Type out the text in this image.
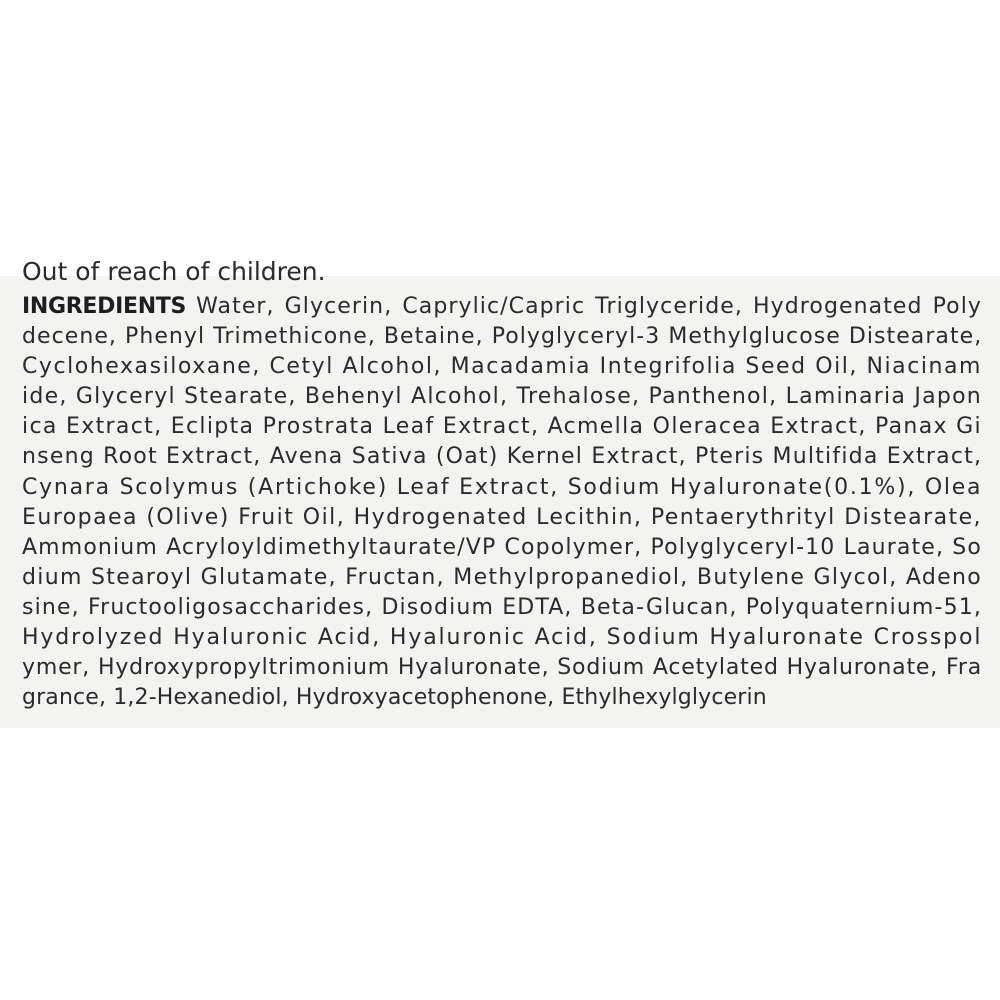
Out of reach of children.

INGREDIENTS Water, Glycerin, Caprylic/Capric Triglyceride, Hydrogenated Poly
decene, Phenyl Trimethicone, Betaine, Polyglyceryl-3 Methylglucose Distearate,
Cyclohexasiloxane, Cetyl Alcohol, Macadamia Integrifolia Seed Oil, Niacinam
ide, Glyceryl Stearate, Behenyl Alcohol, Trehalose, Panthenol, Laminaria Japon
ica Extract, Eclipta Prostrata Leaf Extract, Acmella Oleracea Extract, Panax Gi
nseng Root Extract, Avena Sativa (Oat) Kernel Extract, Pteris Multifida Extract,
Cynara Scolymus (Artichoke) Leaf Extract, Sodium Hyaluronate(0.1%), Olea
Europaea (Olive) Fruit Oil, Hydrogenated Lecithin, Pentaerythrityl Distearate,
Ammonium Acryloyldimethyltaurate/VP Copolymer, Polyglyceryl-10 Laurate, So
dium Stearoyl Glutamate, Fructan, Methylpropanediol, Butylene Glycol, Adeno
sine, Fructooligosaccharides, Disodium EDTA, Beta-Glucan, Polyquaternium-51,
Hydrolyzed Hyaluronic Acid, Hyaluronic Acid, Sodium Hyaluronate Crosspol
ymer, Hydroxypropyltrimonium Hyaluronate, Sodium Acetylated Hyaluronate, Fra
grance, 1,2-Hexanediol, Hydroxyacetophenone, Ethylhexylglycerin
